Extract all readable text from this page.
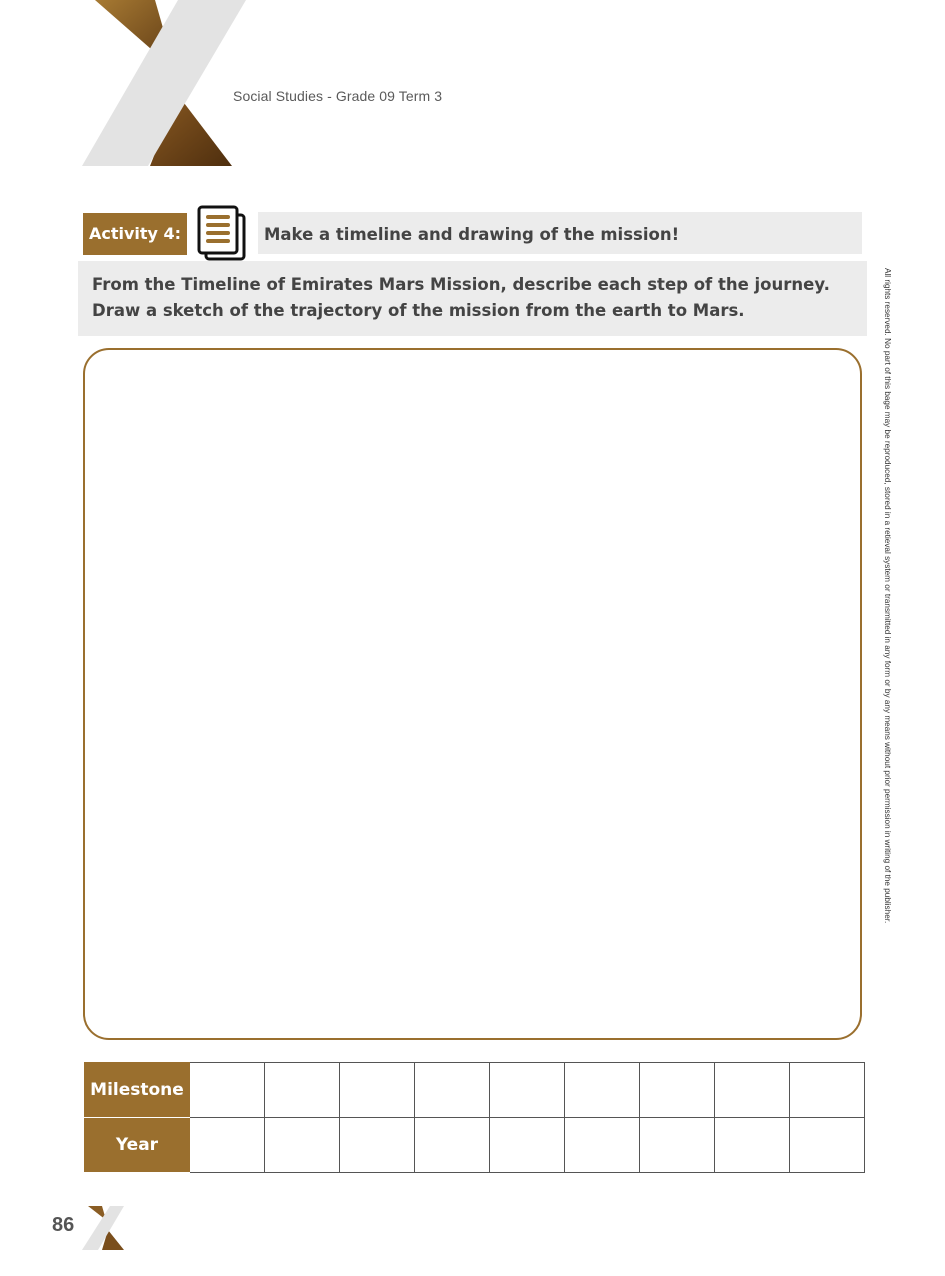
Social Studies - Grade 09 Term 3
Activity 4:	Make a timeline and drawing of the mission!
From the Timeline of Emirates Mars Mission, describe each step of the journey. Draw a sketch of the trajectory of the mission from the earth to Mars.	All rights reserved. No part of this bage may be reproduced, stored in a retieval system or transmitted in any form or by any means without prior permission in writing of the publisher.
Milestone									
Year									
86
